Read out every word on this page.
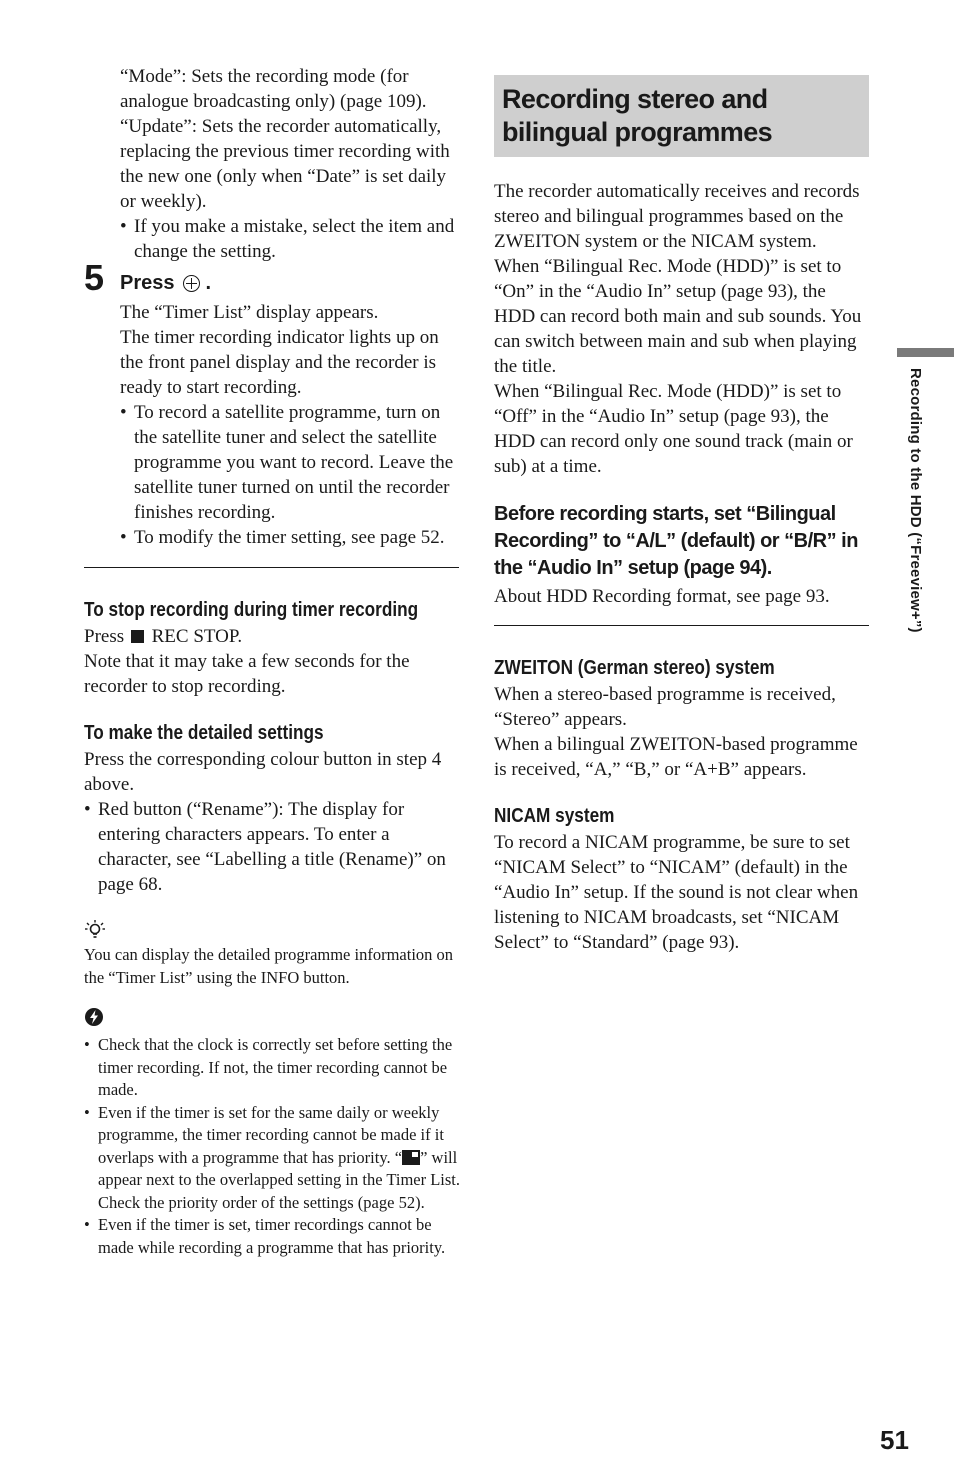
“Mode”: Sets the recording mode (for analogue broadcasting only) (page 109).

“Update”: Sets the recorder automatically, replacing the previous timer recording with the new one (only when “Date” is set daily or weekly).

• If you make a mistake, select the item and change the setting.

5 Press .

The “Timer List” display appears.

The timer recording indicator lights up on the front panel display and the recorder is ready to start recording.

• To record a satellite programme, turn on the satellite tuner and select the satellite programme you want to record. Leave the satellite tuner turned on until the recorder finishes recording.

• To modify the timer setting, see page 52.

To stop recording during timer recording

Press REC STOP.

Note that it may take a few seconds for the recorder to stop recording.

To make the detailed settings

Press the corresponding colour button in step 4 above.

• Red button (“Rename”): The display for entering characters appears. To enter a character, see “Labelling a title (Rename)” on page 68.

You can display the detailed programme information on the “Timer List” using the INFO button.

• Check that the clock is correctly set before setting the timer recording. If not, the timer recording cannot be made.

• Even if the timer is set for the same daily or weekly programme, the timer recording cannot be made if it overlaps with a programme that has priority. “ ” will appear next to the overlapped setting in the Timer List. Check the priority order of the settings (page 52).

• Even if the timer is set, timer recordings cannot be made while recording a programme that has priority.

Recording stereo and bilingual programmes

The recorder automatically receives and records stereo and bilingual programmes based on the ZWEITON system or the NICAM system.

When “Bilingual Rec. Mode (HDD)” is set to “On” in the “Audio In” setup (page 93), the HDD can record both main and sub sounds. You can switch between main and sub when playing the title.

When “Bilingual Rec. Mode (HDD)” is set to “Off” in the “Audio In” setup (page 93), the HDD can record only one sound track (main or sub) at a time.

Before recording starts, set “Bilingual Recording” to “A/L” (default) or “B/R” in the “Audio In” setup (page 94).

About HDD Recording format, see page 93.

ZWEITON (German stereo) system

When a stereo-based programme is received, “Stereo” appears.

When a bilingual ZWEITON-based programme is received, “A,” “B,” or “A+B” appears.

NICAM system

To record a NICAM programme, be sure to set “NICAM Select” to “NICAM” (default) in the “Audio In” setup. If the sound is not clear when listening to NICAM broadcasts, set “NICAM Select” to “Standard” (page 93).

Recording to the HDD (“Freeview+”)
51
